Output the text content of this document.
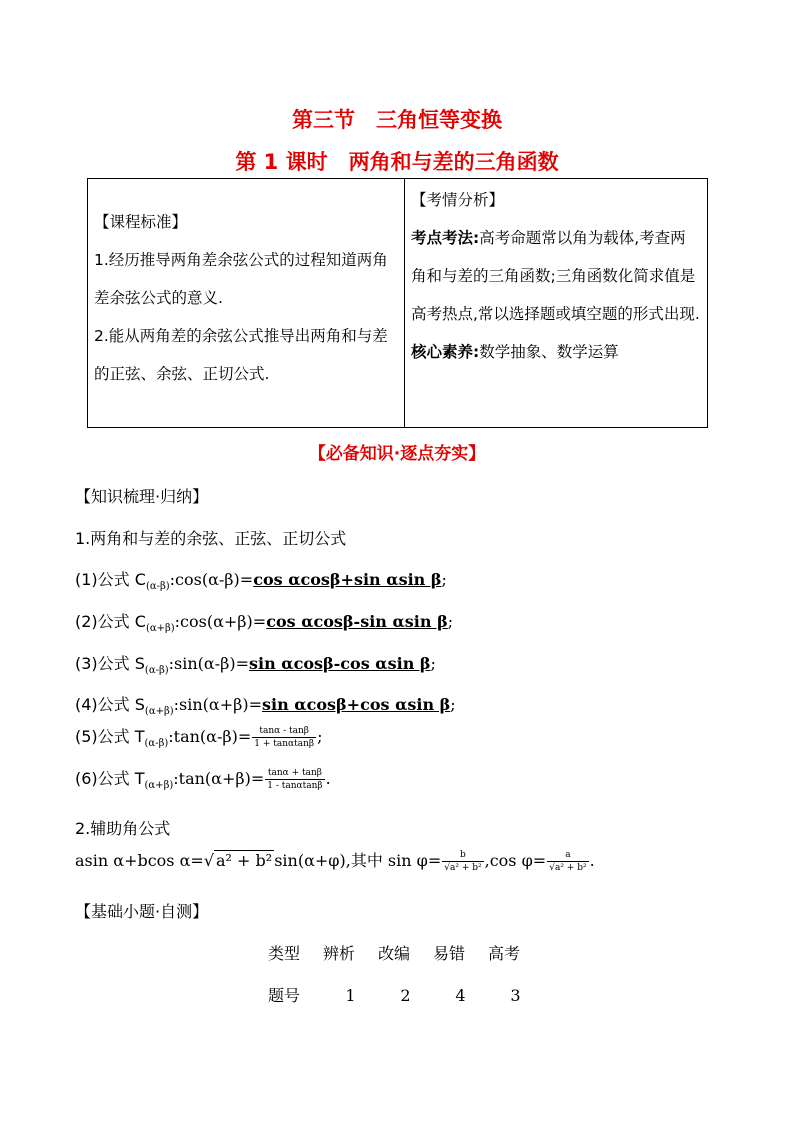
第三节　三角恒等变换
第 1 课时　两角和与差的三角函数
【课程标准】
1.经历推导两角差余弦公式的过程知道两角差余弦公式的意义.
2.能从两角差的余弦公式推导出两角和与差的正弦、余弦、正切公式.

【考情分析】
考点考法:高考命题常以角为载体,考查两角和与差的三角函数;三角函数化简求值是高考热点,常以选择题或填空题的形式出现.
核心素养:数学抽象、数学运算
【必备知识·逐点夯实】
【知识梳理·归纳】
1.两角和与差的余弦、正弦、正切公式
(1)公式 $C_{(\alpha-\beta)}:\cos(\alpha-\beta)=\cos$ αcosβ+sin αsin β;
(2)公式 $C_{(\alpha+\beta)}:\cos(\alpha+\beta)=\cos$ αcosβ-sin αsin β;
(3)公式 $S_{(\alpha-\beta)}:\sin(\alpha-\beta)=\sin$ αcosβ-cos αsin β;
(4)公式 $S_{(\alpha+\beta)}:\sin(\alpha+\beta)=\sin$ αcosβ+cos αsin β;
(5)公式 $T_{(\alpha-\beta)}:\tan(\alpha-\beta)= \frac{\tan\alpha - \tan\beta}{1 + \tan\alpha\tan\beta}$ ;
(6)公式 $T_{(\alpha+\beta)}:\tan(\alpha+\beta)= \frac{\tan\alpha + \tan\beta}{1 - \tan\alpha\tan\beta}$ .
2.辅助角公式
asin α+bcos α=√ a² + b² sin(α+φ),其中 $\sin \varphi= \frac{b}{\text{√a² + b²}} ,\cos$ $\varphi= \frac{a}{\text{√a² + b²}}$ .
【基础小题·自测】
类型 辨析 改编 易错 高考
题号	1	2	4	3
